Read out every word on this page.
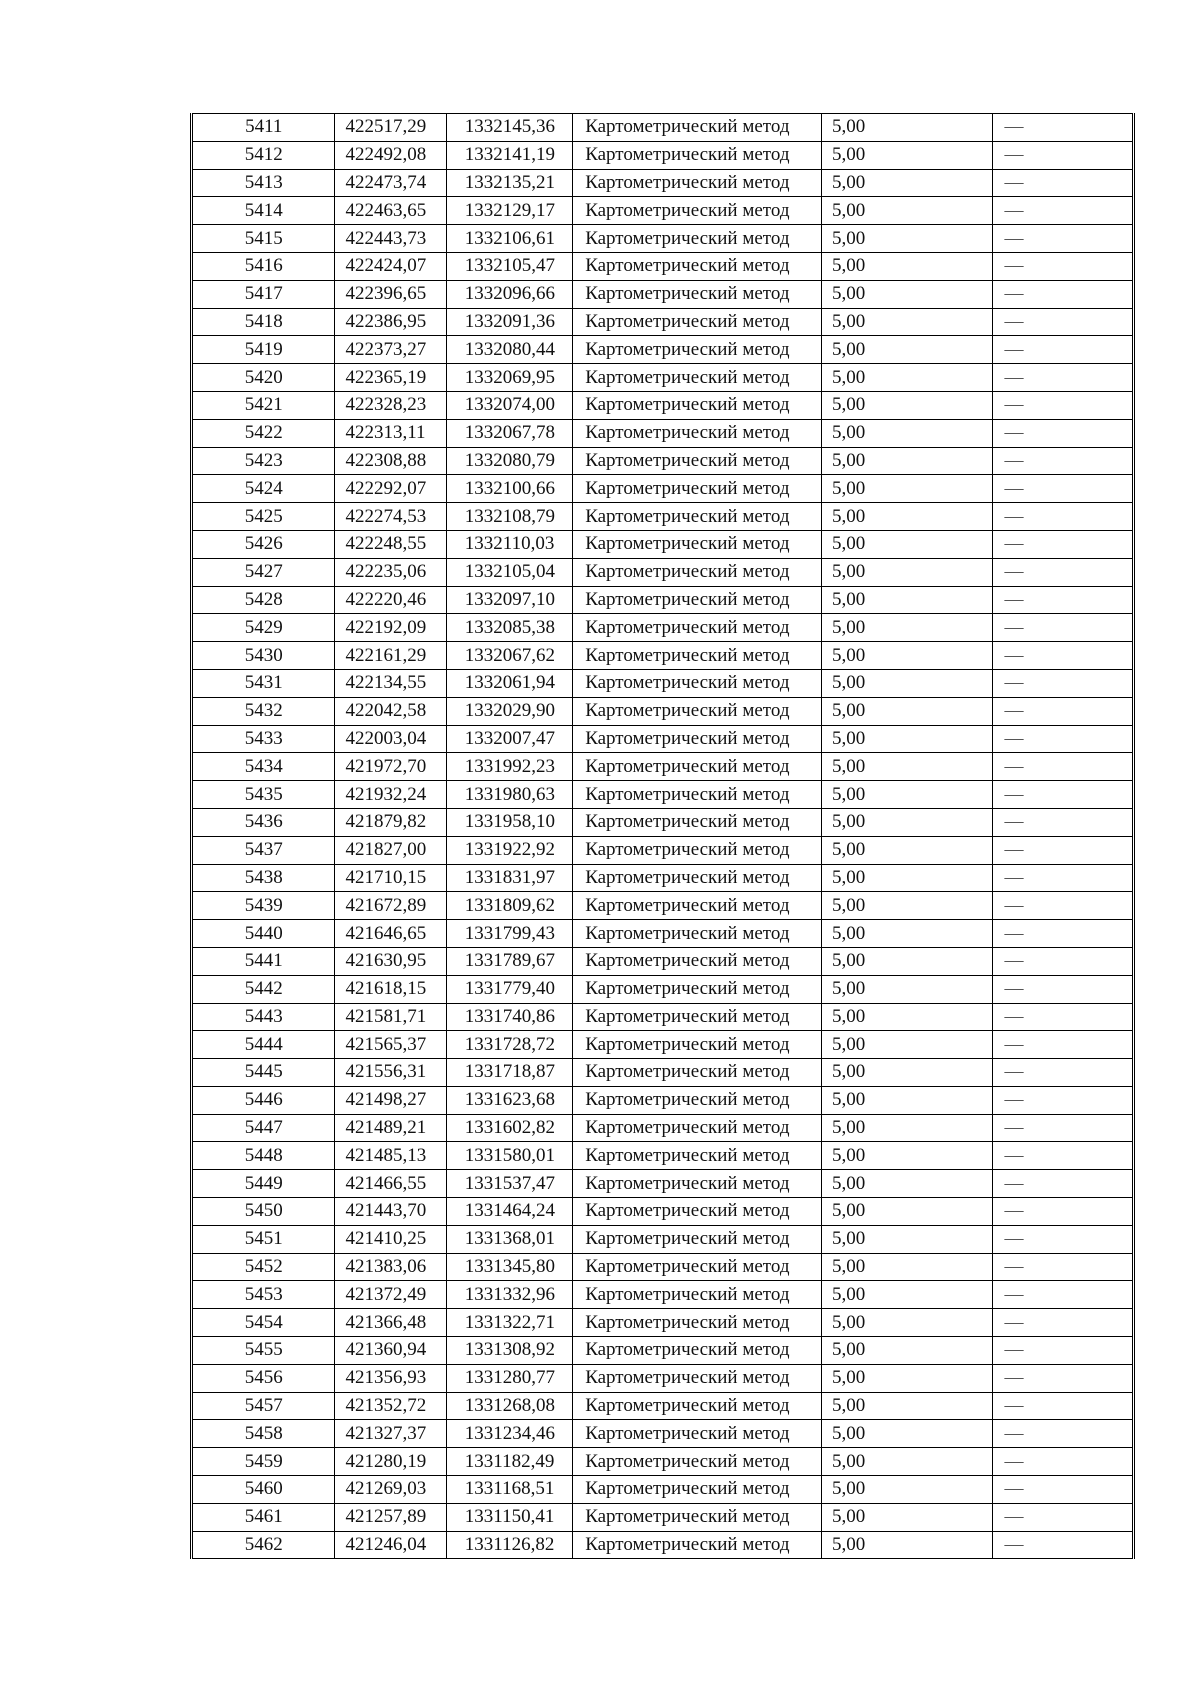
5411	422517,29	1332145,36	Картометрический метод	5,00	—
5412	422492,08	1332141,19	Картометрический метод	5,00	—
5413	422473,74	1332135,21	Картометрический метод	5,00	—
5414	422463,65	1332129,17	Картометрический метод	5,00	—
5415	422443,73	1332106,61	Картометрический метод	5,00	—
5416	422424,07	1332105,47	Картометрический метод	5,00	—
5417	422396,65	1332096,66	Картометрический метод	5,00	—
5418	422386,95	1332091,36	Картометрический метод	5,00	—
5419	422373,27	1332080,44	Картометрический метод	5,00	—
5420	422365,19	1332069,95	Картометрический метод	5,00	—
5421	422328,23	1332074,00	Картометрический метод	5,00	—
5422	422313,11	1332067,78	Картометрический метод	5,00	—
5423	422308,88	1332080,79	Картометрический метод	5,00	—
5424	422292,07	1332100,66	Картометрический метод	5,00	—
5425	422274,53	1332108,79	Картометрический метод	5,00	—
5426	422248,55	1332110,03	Картометрический метод	5,00	—
5427	422235,06	1332105,04	Картометрический метод	5,00	—
5428	422220,46	1332097,10	Картометрический метод	5,00	—
5429	422192,09	1332085,38	Картометрический метод	5,00	—
5430	422161,29	1332067,62	Картометрический метод	5,00	—
5431	422134,55	1332061,94	Картометрический метод	5,00	—
5432	422042,58	1332029,90	Картометрический метод	5,00	—
5433	422003,04	1332007,47	Картометрический метод	5,00	—
5434	421972,70	1331992,23	Картометрический метод	5,00	—
5435	421932,24	1331980,63	Картометрический метод	5,00	—
5436	421879,82	1331958,10	Картометрический метод	5,00	—
5437	421827,00	1331922,92	Картометрический метод	5,00	—
5438	421710,15	1331831,97	Картометрический метод	5,00	—
5439	421672,89	1331809,62	Картометрический метод	5,00	—
5440	421646,65	1331799,43	Картометрический метод	5,00	—
5441	421630,95	1331789,67	Картометрический метод	5,00	—
5442	421618,15	1331779,40	Картометрический метод	5,00	—
5443	421581,71	1331740,86	Картометрический метод	5,00	—
5444	421565,37	1331728,72	Картометрический метод	5,00	—
5445	421556,31	1331718,87	Картометрический метод	5,00	—
5446	421498,27	1331623,68	Картометрический метод	5,00	—
5447	421489,21	1331602,82	Картометрический метод	5,00	—
5448	421485,13	1331580,01	Картометрический метод	5,00	—
5449	421466,55	1331537,47	Картометрический метод	5,00	—
5450	421443,70	1331464,24	Картометрический метод	5,00	—
5451	421410,25	1331368,01	Картометрический метод	5,00	—
5452	421383,06	1331345,80	Картометрический метод	5,00	—
5453	421372,49	1331332,96	Картометрический метод	5,00	—
5454	421366,48	1331322,71	Картометрический метод	5,00	—
5455	421360,94	1331308,92	Картометрический метод	5,00	—
5456	421356,93	1331280,77	Картометрический метод	5,00	—
5457	421352,72	1331268,08	Картометрический метод	5,00	—
5458	421327,37	1331234,46	Картометрический метод	5,00	—
5459	421280,19	1331182,49	Картометрический метод	5,00	—
5460	421269,03	1331168,51	Картометрический метод	5,00	—
5461	421257,89	1331150,41	Картометрический метод	5,00	—
5462	421246,04	1331126,82	Картометрический метод	5,00	—
